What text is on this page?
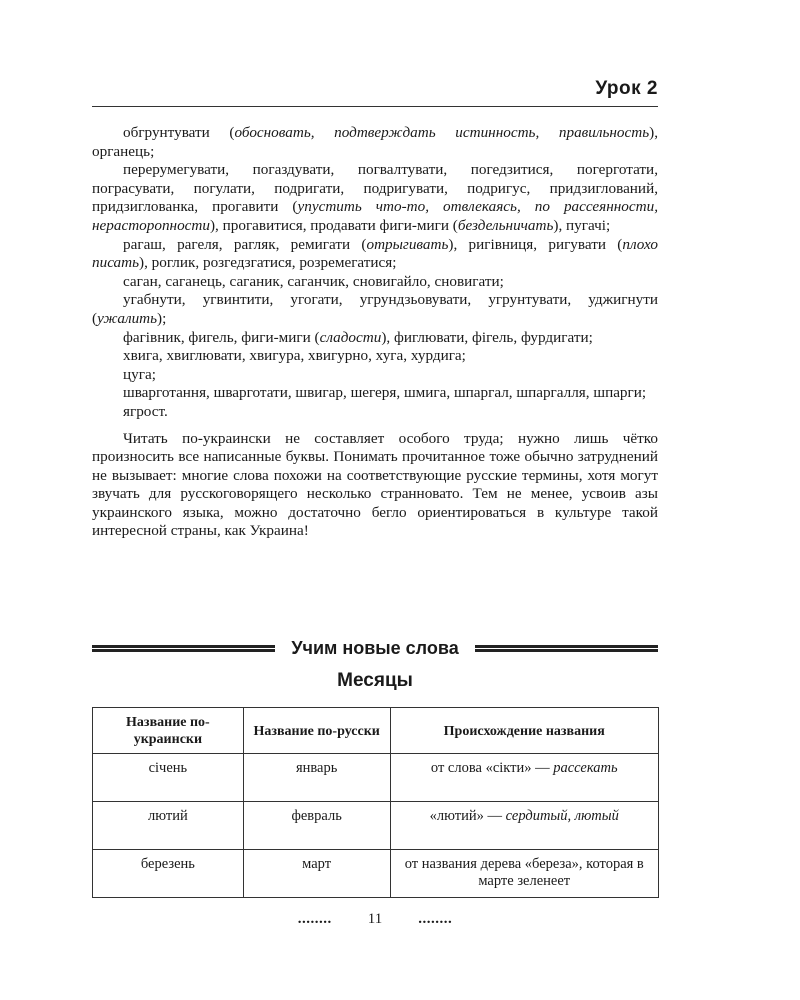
Урок 2

обгрунтувати (обосновать, подтверждать истинность, правильность), органець;

перерумегувати, погаздувати, погвалтувати, погедзитися, погерготати, пограсувати, погулати, подригати, подригувати, подригус, придзиглований, придзиглованка, прогавити (упустить что-то, отвлекаясь, по рассеянности, нерасторопности), прогавитися, продавати фиги-миги (бездельничать), пугачі;

рагаш, рагеля, рагляк, ремигати (отрыгивать), ригівниця, ригувати (плохо писать), роглик, розгедзгатися, розремегатися;

саган, саганець, саганик, саганчик, сновигайло, сновигати;

угабнути, угвинтити, угогати, угрундзьовувати, угрунтувати, уджигнути (ужалить);

фагівник, фигель, фиги-миги (сладости), фиглювати, фігель, фурдигати;

хвига, хвиглювати, хвигура, хвигурно, хуга, хурдига;

цуга;

шварготання, шварготати, швигар, шегеря, шмига, шпаргал, шпаргалля, шпарги;

ягрост.

Читать по-украински не составляет особого труда; нужно лишь чётко произносить все написанные буквы. Понимать прочитанное тоже обычно затруднений не вызывает: многие слова похожи на соответствующие русские термины, хотя могут звучать для русскоговорящего несколько странновато. Тем не менее, усвоив азы украинского языка, можно достаточно бегло ориентироваться в культуре такой интересной страны, как Украина!

Учим новые слова
Месяцы
Название по-украински	Название по-русски	Происхождение названия
січень	январь	от слова «сікти» — рассекать
лютий	февраль	«лютий» — сердитый, лютый
березень	март	от названия дерева «береза», которая в марте зеленеет
........ 11 ........
